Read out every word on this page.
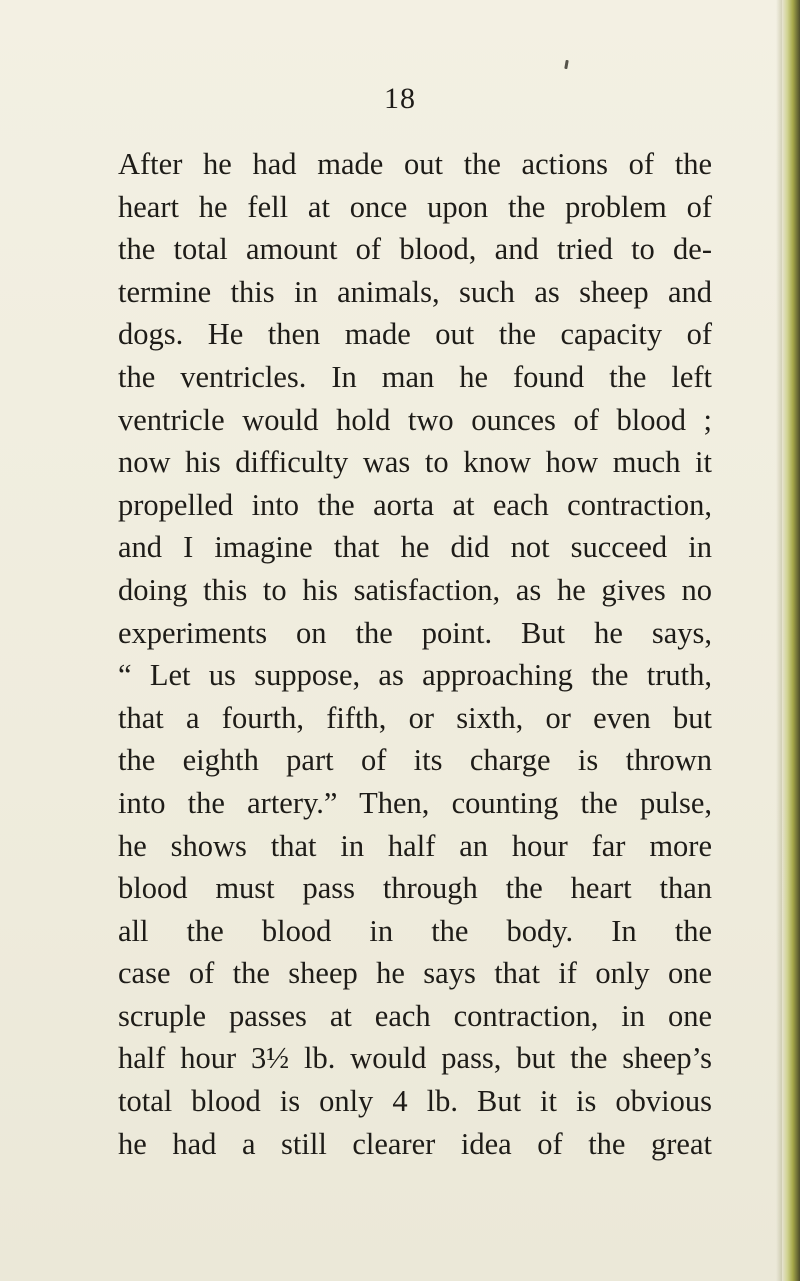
18
After he had made out the actions of the
heart he fell at once upon the problem of
the total amount of blood, and tried to de-
termine this in animals, such as sheep and
dogs. He then made out the capacity of
the ventricles. In man he found the left
ventricle would hold two ounces of blood ;
now his difficulty was to know how much it
propelled into the aorta at each contraction,
and I imagine that he did not succeed in
doing this to his satisfaction, as he gives no
experiments on the point. But he says,
“ Let us suppose, as approaching the truth,
that a fourth, fifth, or sixth, or even but
the eighth part of its charge is thrown
into the artery.” Then, counting the pulse,
he shows that in half an hour far more
blood must pass through the heart than
all the blood in the body. In the
case of the sheep he says that if only one
scruple passes at each contraction, in one
half hour 3½ lb. would pass, but the sheep’s
total blood is only 4 lb. But it is obvious
he had a still clearer idea of the great
